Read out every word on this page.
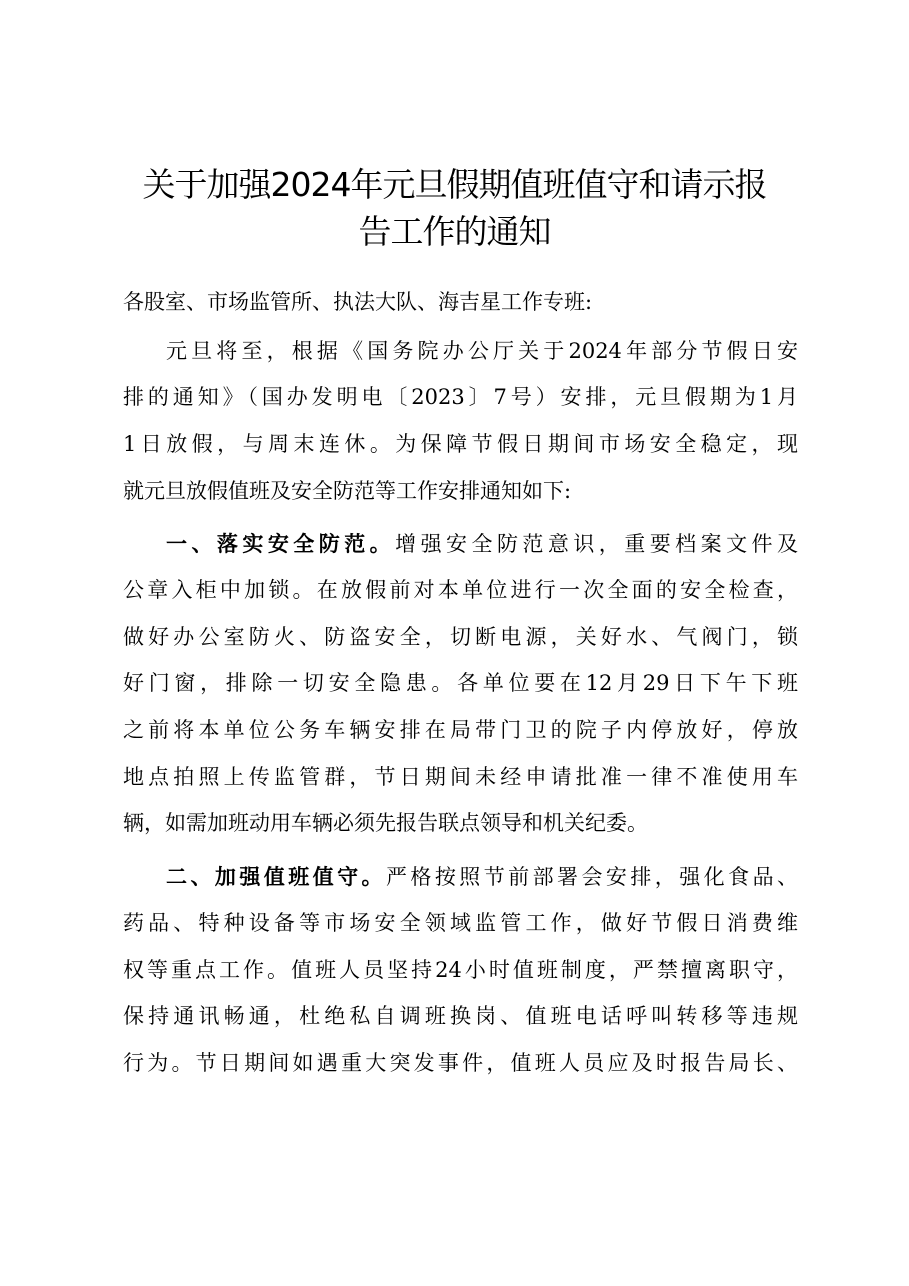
关于加强2024年元旦假期值班值守和请示报
告工作的通知
各股室、市场监管所、执法大队、海吉星工作专班:
元旦将至，根据《国务院办公厅关于2024年部分节假日安
排的通知》（国办发明电〔2023〕7号）安排，元旦假期为1月
1日放假，与周末连休。为保障节假日期间市场安全稳定，现
就元旦放假值班及安全防范等工作安排通知如下:
一、落实安全防范。增强安全防范意识，重要档案文件及
公章入柜中加锁。在放假前对本单位进行一次全面的安全检查，
做好办公室防火、防盗安全，切断电源，关好水、气阀门，锁
好门窗，排除一切安全隐患。各单位要在12月29日下午下班
之前将本单位公务车辆安排在局带门卫的院子内停放好，停放
地点拍照上传监管群，节日期间未经申请批准一律不准使用车
辆，如需加班动用车辆必须先报告联点领导和机关纪委。
二、加强值班值守。严格按照节前部署会安排，强化食品、
药品、特种设备等市场安全领域监管工作，做好节假日消费维
权等重点工作。值班人员坚持24小时值班制度，严禁擅离职守，
保持通讯畅通，杜绝私自调班换岗、值班电话呼叫转移等违规
行为。节日期间如遇重大突发事件，值班人员应及时报告局长、
